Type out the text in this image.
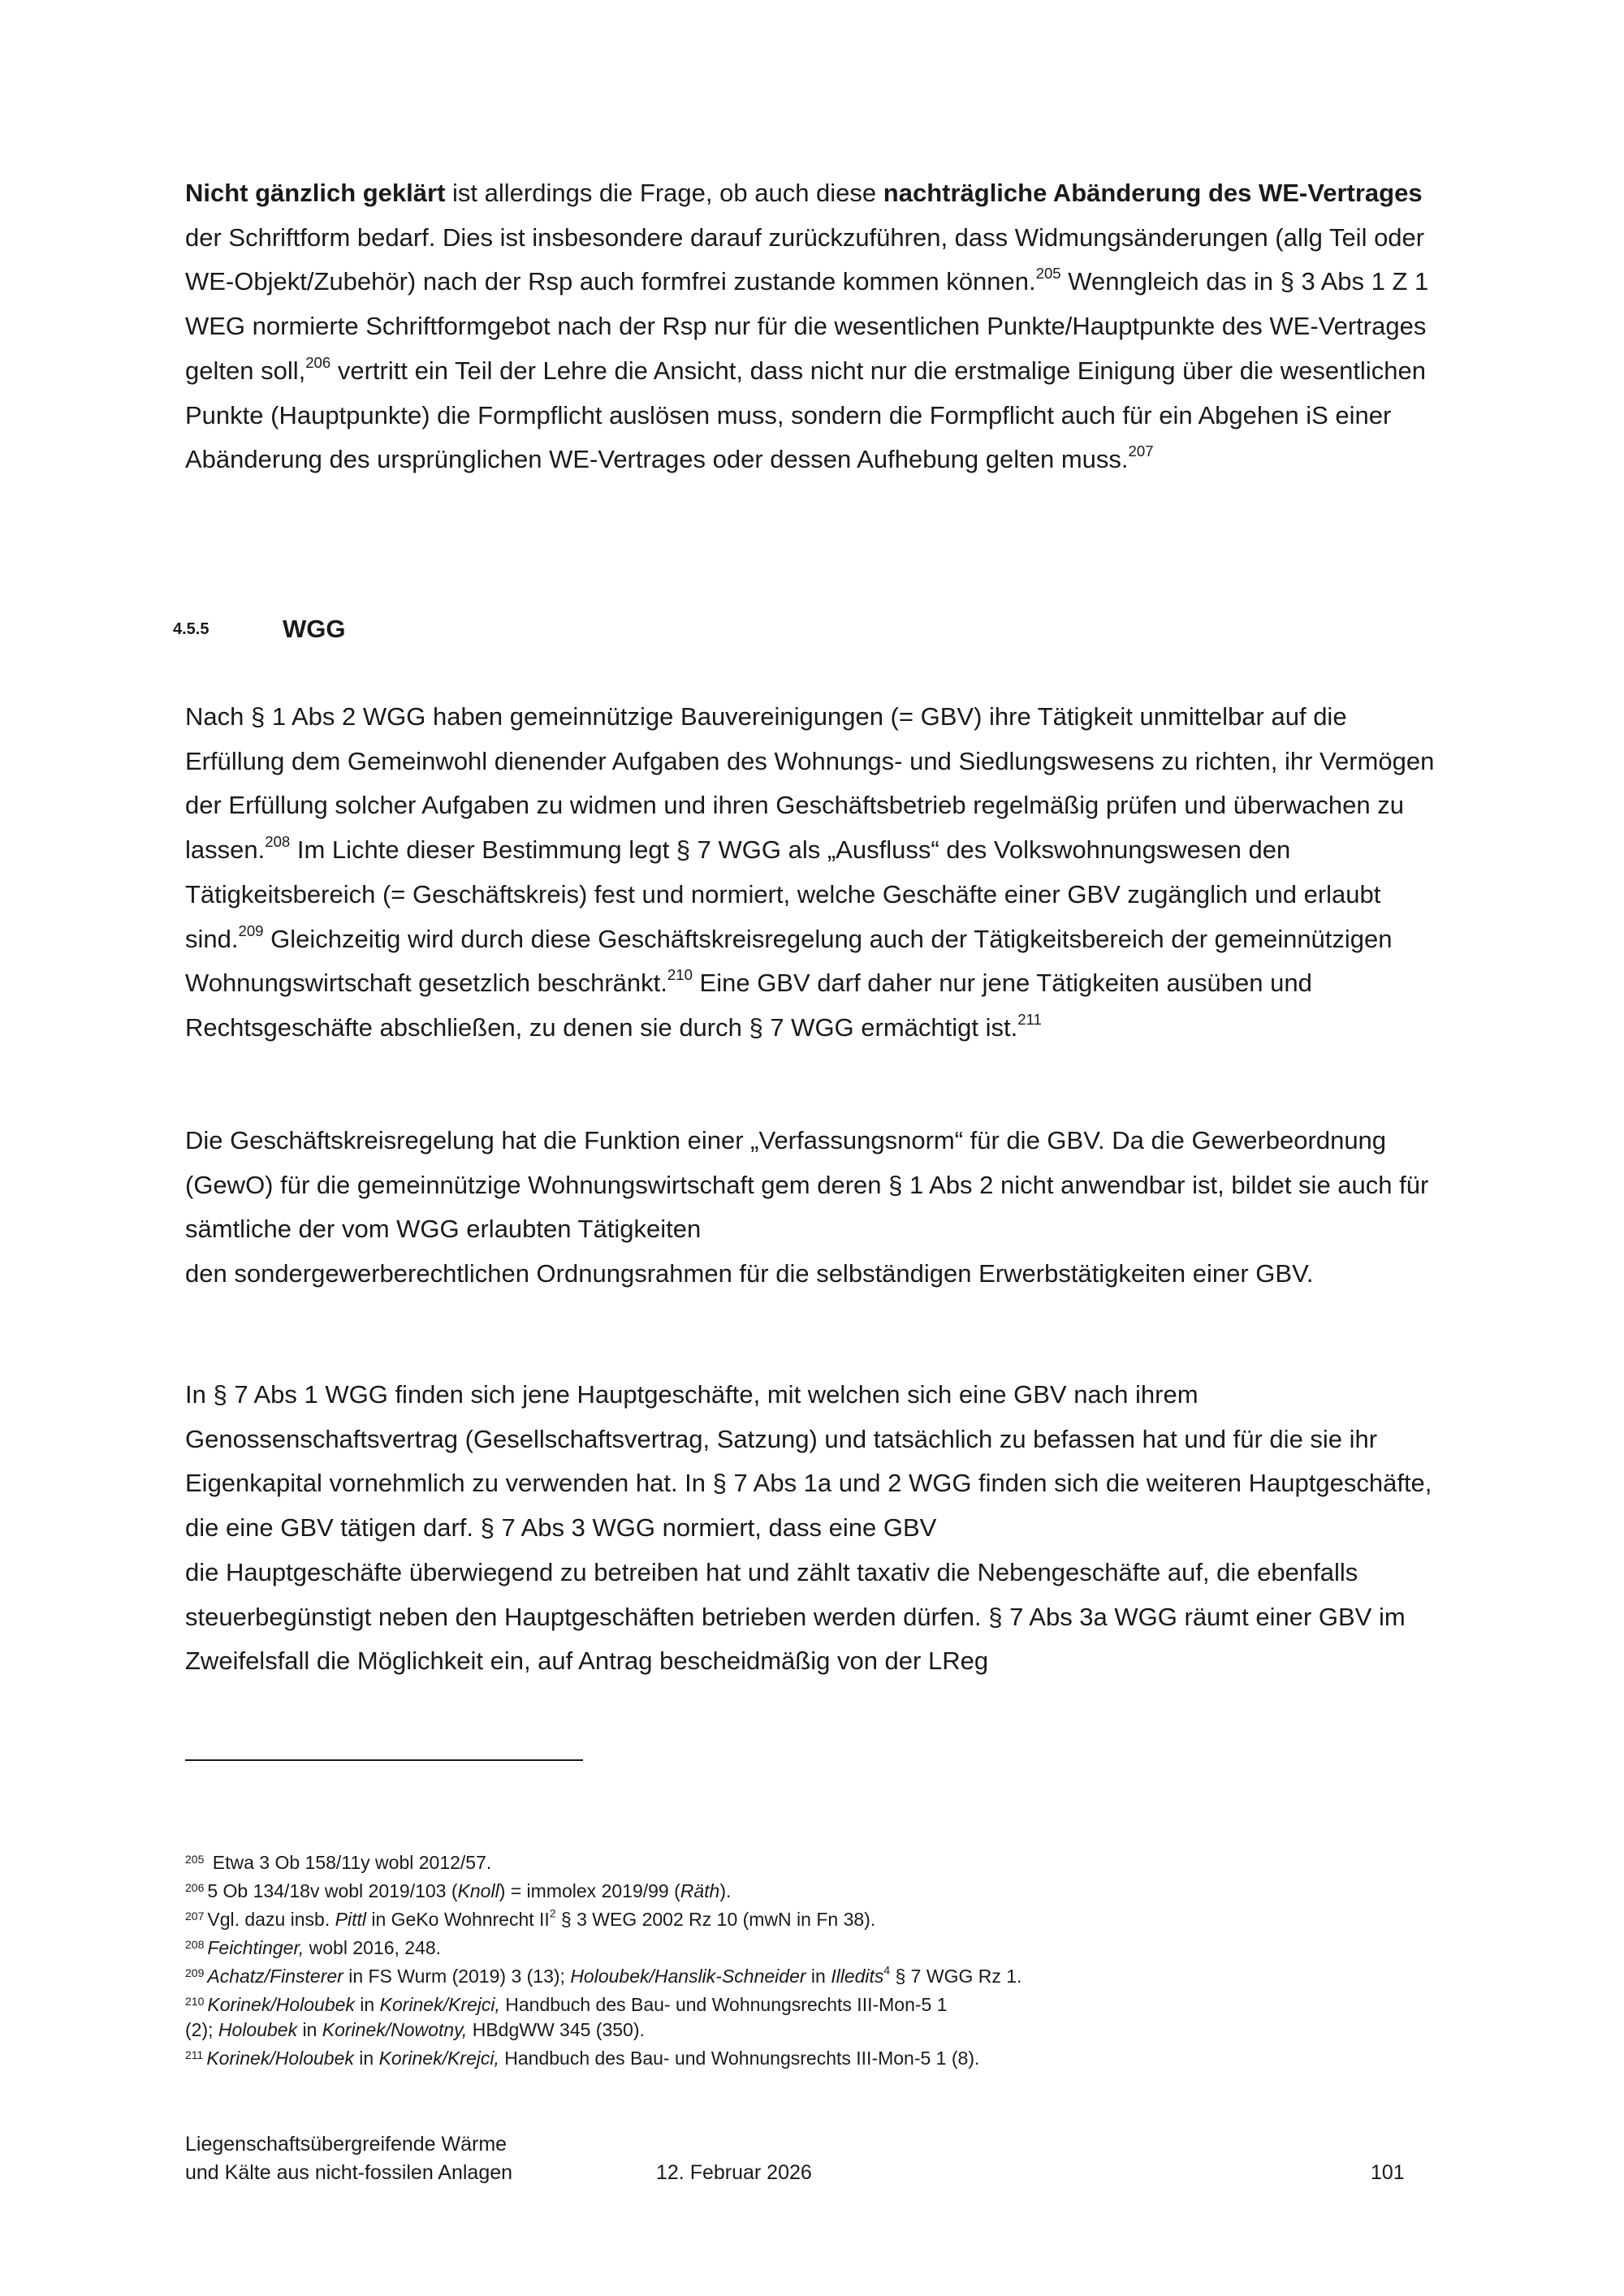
Nicht gänzlich geklärt ist allerdings die Frage, ob auch diese nachträgliche Abänderung des WE-Vertrages der Schriftform bedarf. Dies ist insbesondere darauf zurückzuführen, dass Widmungsänderungen (allg Teil oder WE-Objekt/Zubehör) nach der Rsp auch formfrei zustande kommen können.$^{205}$ Wenngleich das in § 3 Abs 1 Z 1 WEG normierte Schriftformgebot nach der Rsp nur für die wesentlichen Punkte/Hauptpunkte des WE-Vertrages gelten soll,$^{206}$ vertritt ein Teil der Lehre die Ansicht, dass nicht nur die erstmalige Einigung über die wesentlichen Punkte (Hauptpunkte) die Formpflicht auslösen muss, sondern die Formpflicht auch für ein Abgehen iS einer Abänderung des ursprünglichen WE-Vertrages oder dessen Aufhebung gelten muss.$^{207}$

4.5.5	WGG

Nach § 1 Abs 2 WGG haben gemeinnützige Bauvereinigungen (= GBV) ihre Tätigkeit unmittelbar auf die Erfüllung dem Gemeinwohl dienender Aufgaben des Wohnungs- und Siedlungswesens zu richten, ihr Vermögen der Erfüllung solcher Aufgaben zu widmen und ihren Geschäftsbetrieb regelmäßig prüfen und überwachen zu lassen.$^{208}$ Im Lichte dieser Bestimmung legt § 7 WGG als „Ausfluss“ des Volkswohnungswesen den Tätigkeitsbereich (= Geschäftskreis) fest und normiert, welche Geschäfte einer GBV zugänglich und erlaubt sind.$^{209}$ Gleichzeitig wird durch diese Geschäftskreisregelung auch der Tätigkeitsbereich der gemeinnützigen Wohnungswirtschaft gesetzlich beschränkt.$^{210}$ Eine GBV darf daher nur jene Tätigkeiten ausüben und Rechtsgeschäfte abschließen, zu denen sie durch § 7 WGG ermächtigt ist.$^{211}$

Die Geschäftskreisregelung hat die Funktion einer „Verfassungsnorm“ für die GBV. Da die Gewerbeordnung (GewO) für die gemeinnützige Wohnungswirtschaft gem deren § 1 Abs 2 nicht anwendbar ist, bildet sie auch für sämtliche der vom WGG erlaubten Tätigkeiten
den sondergewerberechtlichen Ordnungsrahmen für die selbständigen Erwerbstätigkeiten einer GBV.

In § 7 Abs 1 WGG finden sich jene Hauptgeschäfte, mit welchen sich eine GBV nach ihrem Genossenschaftsvertrag (Gesellschaftsvertrag, Satzung) und tatsächlich zu befassen hat und für die sie ihr Eigenkapital vornehmlich zu verwenden hat. In § 7 Abs 1a und 2 WGG finden sich die weiteren Hauptgeschäfte, die eine GBV tätigen darf. § 7 Abs 3 WGG normiert, dass eine GBV
die Hauptgeschäfte überwiegend zu betreiben hat und zählt taxativ die Nebengeschäfte auf, die ebenfalls steuerbegünstigt neben den Hauptgeschäften betrieben werden dürfen. § 7 Abs 3a WGG räumt einer GBV im Zweifelsfall die Möglichkeit ein, auf Antrag bescheidmäßig von der LReg

$^{205}$ Etwa 3 Ob 158/11y wobl 2012/57.

$^{206}$ 5 Ob 134/18v wobl 2019/103 (Knoll) = immolex 2019/99 (Räth).

$^{207}$ Vgl. dazu insb. Pittl in GeKo Wohnrecht $II^2$ § 3 WEG 2002 Rz 10 (mwN in Fn 38).

$^{208}$ Feichtinger, wobl 2016, 248.

$^{209}$ Achatz/Finsterer in FS Wurm (2019) 3 (13); Holoubek/Hanslik-Schneider in Illedits$^4$ § 7 WGG Rz 1.

$^{210}$ Korinek/Holoubek in Korinek/Krejci, Handbuch des Bau- und Wohnungsrechts III-Mon-5 1
(2); Holoubek in Korinek/Nowotny, HBdgWW 345 (350).

$^{211}$ Korinek/Holoubek in Korinek/Krejci, Handbuch des Bau- und Wohnungsrechts III-Mon-5 1 (8).

Liegenschaftsübergreifende Wärme
und Kälte aus nicht-fossilen Anlagen	12. Februar 2026	101
